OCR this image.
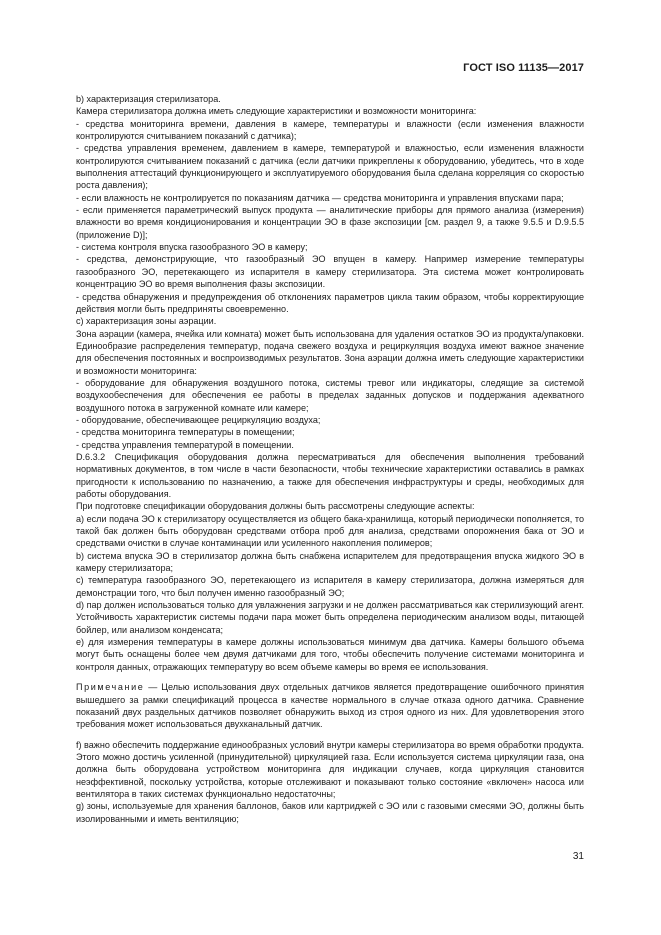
ГОСТ ISO 11135—2017

b) характеризация стерилизатора.

Камера стерилизатора должна иметь следующие характеристики и возможности мониторинга:

- средства мониторинга времени, давления в камере, температуры и влажности (если изменения влажности контролируются считыванием показаний с датчика);

- средства управления временем, давлением в камере, температурой и влажностью, если изменения влажности контролируются считыванием показаний с датчика (если датчики прикреплены к оборудованию, убедитесь, что в ходе выполнения аттестаций функционирующего и эксплуатируемого оборудования была сделана корреляция со скоростью роста давления);

- если влажность не контролируется по показаниям датчика — средства мониторинга и управления впусками пара;

- если применяется параметрический выпуск продукта — аналитические приборы для прямого анализа (измерения) влажности во время кондиционирования и концентрации ЭО в фазе экспозиции [см. раздел 9, а также 9.5.5 и D.9.5.5 (приложение D)];

- система контроля впуска газообразного ЭО в камеру;

- средства, демонстрирующие, что газообразный ЭО впущен в камеру. Например измерение температуры газообразного ЭО, перетекающего из испарителя в камеру стерилизатора. Эта система может контролировать концентрацию ЭО во время выполнения фазы экспозиции.

- средства обнаружения и предупреждения об отклонениях параметров цикла таким образом, чтобы корректирующие действия могли быть предприняты своевременно.

c) характеризация зоны аэрации.

Зона аэрации (камера, ячейка или комната) может быть использована для удаления остатков ЭО из продукта/упаковки. Единообразие распределения температур, подача свежего воздуха и рециркуляция воздуха имеют важное значение для обеспечения постоянных и воспроизводимых результатов. Зона аэрации должна иметь следующие характеристики и возможности мониторинга:

- оборудование для обнаружения воздушного потока, системы тревог или индикаторы, следящие за системой воздухообеспечения для обеспечения ее работы в пределах заданных допусков и поддержания адекватного воздушного потока в загруженной комнате или камере;

- оборудование, обеспечивающее рециркуляцию воздуха;

- средства мониторинга температуры в помещении;

- средства управления температурой в помещении.

D.6.3.2 Спецификация оборудования должна пересматриваться для обеспечения выполнения требований нормативных документов, в том числе в части безопасности, чтобы технические характеристики оставались в рамках пригодности к использованию по назначению, а также для обеспечения инфраструктуры и среды, необходимых для работы оборудования.

При подготовке спецификации оборудования должны быть рассмотрены следующие аспекты:

a) если подача ЭО к стерилизатору осуществляется из общего бака-хранилища, который периодически пополняется, то такой бак должен быть оборудован средствами отбора проб для анализа, средствами опорожнения бака от ЭО и средствами очистки в случае контаминации или усиленного накопления полимеров;

b) система впуска ЭО в стерилизатор должна быть снабжена испарителем для предотвращения впуска жидкого ЭО в камеру стерилизатора;

c) температура газообразного ЭО, перетекающего из испарителя в камеру стерилизатора, должна измеряться для демонстрации того, что был получен именно газообразный ЭО;

d) пар должен использоваться только для увлажнения загрузки и не должен рассматриваться как стерилизующий агент. Устойчивость характеристик системы подачи пара может быть определена периодическим анализом воды, питающей бойлер, или анализом конденсата;

e) для измерения температуры в камере должны использоваться минимум два датчика. Камеры большого объема могут быть оснащены более чем двумя датчиками для того, чтобы обеспечить получение системами мониторинга и контроля данных, отражающих температуру во всем объеме камеры во время ее использования.

Примечание — Целью использования двух отдельных датчиков является предотвращение ошибочного принятия вышедшего за рамки спецификаций процесса в качестве нормального в случае отказа одного датчика. Сравнение показаний двух раздельных датчиков позволяет обнаружить выход из строя одного из них. Для удовлетворения этого требования может использоваться двухканальный датчик.

f) важно обеспечить поддержание единообразных условий внутри камеры стерилизатора во время обработки продукта. Этого можно достичь усиленной (принудительной) циркуляцией газа. Если используется система циркуляции газа, она должна быть оборудована устройством мониторинга для индикации случаев, когда циркуляция становится неэффективной, поскольку устройства, которые отслеживают и показывают только состояние «включен» насоса или вентилятора в таких системах функционально недостаточны;

g) зоны, используемые для хранения баллонов, баков или картриджей с ЭО или с газовыми смесями ЭО, должны быть изолированными и иметь вентиляцию;

31
